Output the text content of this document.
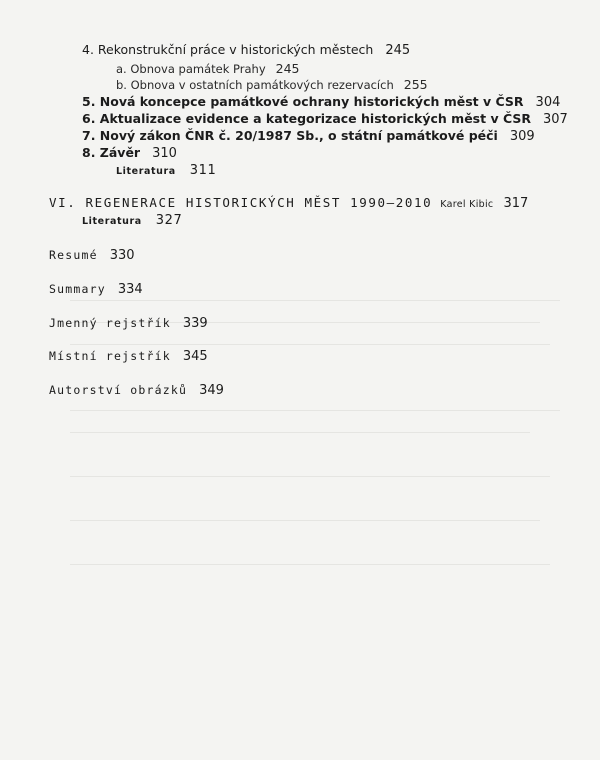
4. Rekonstrukční práce v historických městech 245
a. Obnova památek Prahy 245
b. Obnova v ostatních památkových rezervacích 255
5. Nová koncepce památkové ochrany historických měst v ČSR 304
6. Aktualizace evidence a kategorizace historických měst v ČSR 307
7. Nový zákon ČNR č. 20/1987 Sb., o státní památkové péči 309
8. Závěr 310
Literatura 311
VI. REGENERACE HISTORICKÝCH MĚST 1990–2010 Karel Kibic 317
Literatura 327
Resumé 330
Summary 334
Jmenný rejstřík 339
Místní rejstřík 345
Autorství obrázků 349
